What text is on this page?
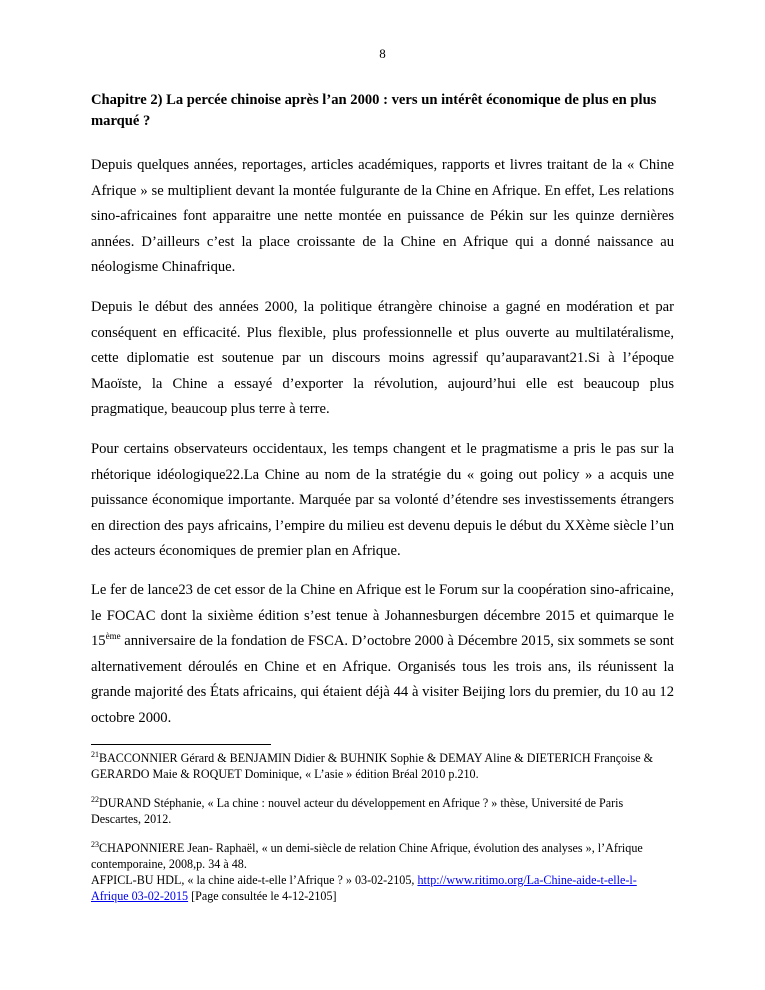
8
Chapitre 2) La percée chinoise après l’an 2000 : vers un intérêt économique de plus en plus marqué ?

Depuis quelques années, reportages, articles académiques, rapports et livres traitant de la « Chine Afrique » se multiplient devant la montée fulgurante de la Chine en Afrique. En effet, Les relations sino-africaines font apparaitre une nette montée en puissance de Pékin sur les quinze dernières années. D’ailleurs c’est la place croissante de la Chine en Afrique qui a donné naissance au néologisme Chinafrique.

Depuis le début des années 2000, la politique étrangère chinoise a gagné en modération et par conséquent en efficacité. Plus flexible, plus professionnelle et plus ouverte au multilatéralisme, cette diplomatie est soutenue par un discours moins agressif qu’auparavant21.Si à l’époque Maoïste, la Chine a essayé d’exporter la révolution, aujourd’hui elle est beaucoup plus pragmatique, beaucoup plus terre à terre.

Pour certains observateurs occidentaux, les temps changent et le pragmatisme a pris le pas sur la rhétorique idéologique22.La Chine au nom de la stratégie du « going out policy » a acquis une puissance économique importante. Marquée par sa volonté d’étendre ses investissements étrangers en direction des pays africains, l’empire du milieu est devenu depuis le début du XXème siècle l’un des acteurs économiques de premier plan en Afrique.

Le fer de lance23 de cet essor de la Chine en Afrique est le Forum sur la coopération sino-africaine, le FOCAC dont la sixième édition s’est tenue à Johannesburgen décembre 2015 et quimarque le 15ème anniversaire de la fondation de FSCA. D’octobre 2000 à Décembre 2015, six sommets se sont alternativement déroulés en Chine et en Afrique. Organisés tous les trois ans, ils réunissent la grande majorité des États africains, qui étaient déjà 44 à visiter Beijing lors du premier, du 10 au 12 octobre 2000.

$^{21}$BACCONNIER Gérard & BENJAMIN Didier & BUHNIK Sophie & DEMAY Aline & DIETERICH Françoise & GERARDO Maie & ROQUET Dominique, « L’asie » édition Bréal 2010 p.210.

$^{22}$DURAND Stéphanie, « La chine : nouvel acteur du développement en Afrique ? » thèse, Université de Paris Descartes, 2012.

$^{23}$CHAPONNIERE Jean- Raphaël, « un demi-siècle de relation Chine Afrique, évolution des analyses », l’Afrique contemporaine, 2008,p. 34 à 48.
AFPICL-BU HDL, « la chine aide-t-elle l’Afrique ? » 03-02-2105, http://www.ritimo.org/La-Chine-aide-t-elle-l-Afrique 03-02-2015 [Page consultée le 4-12-2105]
